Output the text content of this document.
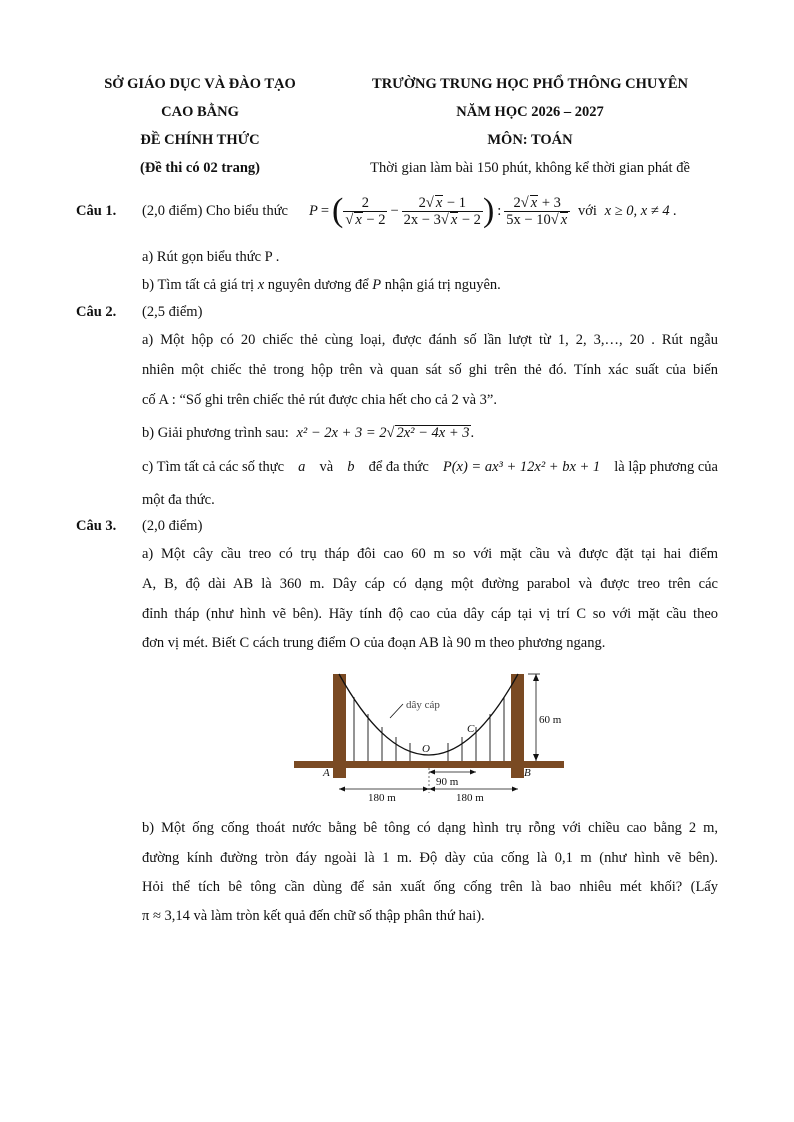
SỞ GIÁO DỤC VÀ ĐÀO TẠO
CAO BẰNG
ĐỀ CHÍNH THỨC
(Đề thi có 02 trang)
TRƯỜNG TRUNG HỌC PHỔ THÔNG CHUYÊN
NĂM HỌC 2026 – 2027
MÔN: TOÁN
Thời gian làm bài 150 phút, không kể thời gian phát đề
Câu 1. (2,0 điểm) Cho biểu thức P = ( $\frac{2}{√ x - 2} - \frac{2√ x - 1}{2x - 3√ x - 2}$ ) : $\frac{2√ x + 3}{5x - 10√ x}$ với x ≥ 0, x ≠ 4 .
a) Rút gọn biểu thức P .
b) Tìm tất cả giá trị x nguyên dương để P nhận giá trị nguyên.
Câu 2. (2,5 điểm)
a) Một hộp có 20 chiếc thẻ cùng loại, được đánh số lần lượt từ 1, 2, 3,…, 20 . Rút ngẫu
nhiên một chiếc thẻ trong hộp trên và quan sát số ghi trên thẻ đó. Tính xác suất của biến
cố A : “Số ghi trên chiếc thẻ rút được chia hết cho cả 2 và 3”.
b) Giải phương trình sau: x² − 2x + 3 = 2√ 2x² − 4x + 3.
c) Tìm tất cả các số thực a và b để đa thức P(x) = ax³ + 12x² + bx + 1 là lập phương của
một đa thức.
Câu 3. (2,0 điểm)
a) Một cây cầu treo có trụ tháp đôi cao 60 m so với mặt cầu và được đặt tại hai điểm
A, B, độ dài AB là 360 m. Dây cáp có dạng một đường parabol và được treo trên các
đỉnh tháp (như hình vẽ bên). Hãy tính độ cao của dây cáp tại vị trí C so với mặt cầu theo
đơn vị mét. Biết C cách trung điểm O của đoạn AB là 90 m theo phương ngang.
dây cáp
60 m
O
C
A	B
90 m
180 m	180 m
b) Một ống cống thoát nước bằng bê tông có dạng hình trụ rỗng với chiều cao bằng 2 m,
đường kính đường tròn đáy ngoài là 1 m. Độ dày của cống là 0,1 m (như hình vẽ bên).
Hỏi thể tích bê tông cần dùng để sản xuất ống cống trên là bao nhiêu mét khối? (Lấy
π ≈ 3,14 và làm tròn kết quả đến chữ số thập phân thứ hai).
